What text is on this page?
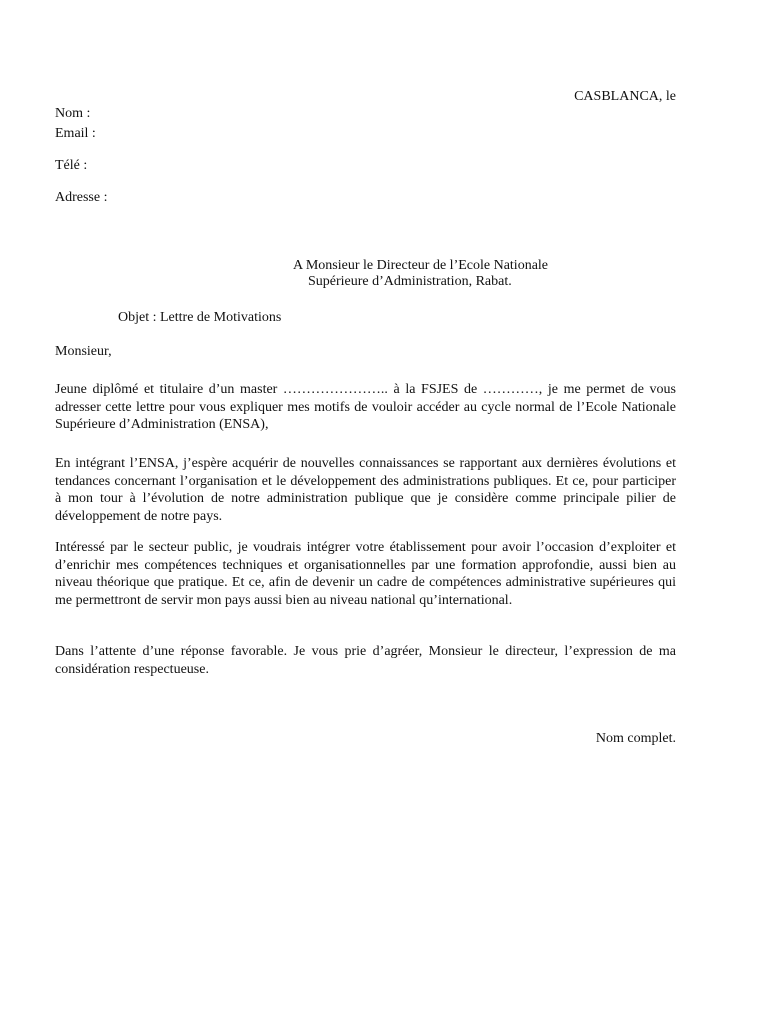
CASBLANCA, le
Nom :
Email :
Télé :
Adresse :
A Monsieur le Directeur de l’Ecole Nationale
Supérieure d’Administration, Rabat.
Objet : Lettre de Motivations
Monsieur,
Jeune diplômé et titulaire d’un master ………………….. à la FSJES de …………, je me permet de vous adresser cette lettre pour vous expliquer mes motifs de vouloir accéder au cycle normal de l’Ecole Nationale Supérieure d’Administration (ENSA),
En intégrant l’ENSA, j’espère acquérir de nouvelles connaissances se rapportant aux dernières évolutions et tendances concernant l’organisation et le développement des administrations publiques. Et ce, pour participer à mon tour à l’évolution de notre administration publique que je considère comme principale pilier de développement de notre pays.
Intéressé par le secteur public, je voudrais intégrer votre établissement pour avoir l’occasion d’exploiter et d’enrichir mes compétences techniques et organisationnelles par une formation approfondie, aussi bien au niveau théorique que pratique. Et ce, afin de devenir un cadre de compétences administrative supérieures qui me permettront de servir mon pays aussi bien au niveau national qu’international.
Dans l’attente d’une réponse favorable. Je vous prie d’agréer, Monsieur le directeur, l’expression de ma considération respectueuse.
Nom complet.
